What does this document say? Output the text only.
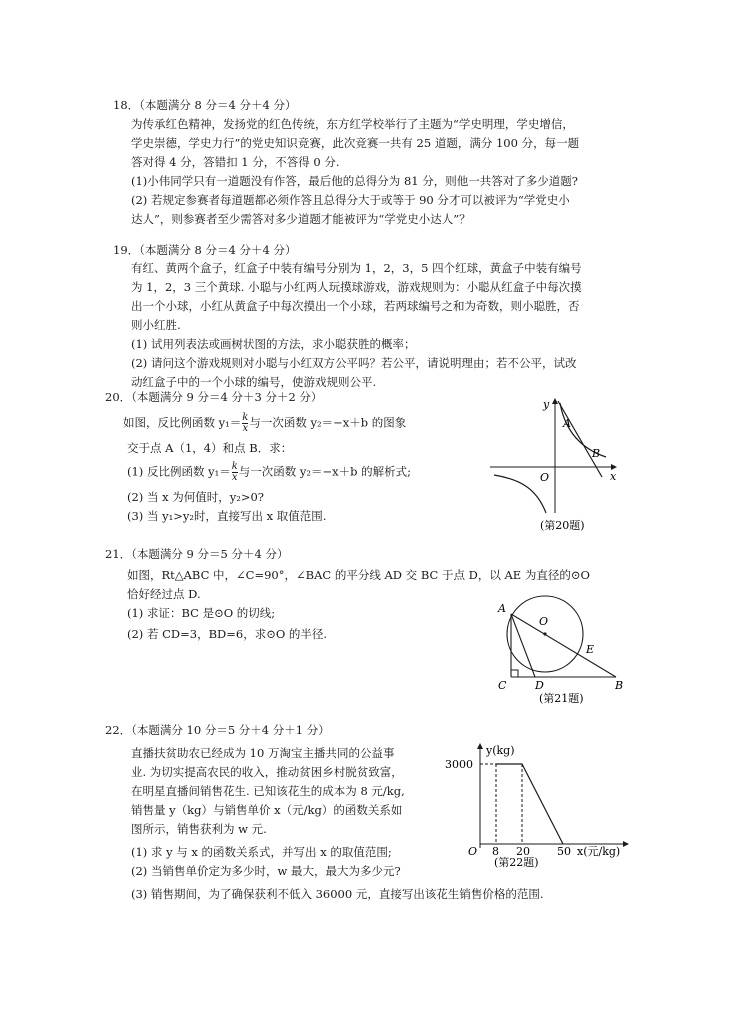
18．（本题满分 8 分＝4 分＋4 分）
为传承红色精神，发扬党的红色传统，东方红学校举行了主题为“学史明理，学史增信，
学史崇德，学史力行”的党史知识竞赛，此次竞赛一共有 25 道题，满分 100 分，每一题
答对得 4 分，答错扣 1 分，不答得 0 分.
(1)小伟同学只有一道题没有作答，最后他的总得分为 81 分，则他一共答对了多少道题?
(2) 若规定参赛者每道题都必须作答且总得分大于或等于 90 分才可以被评为“学党史小
达人”，则参赛者至少需答对多少道题才能被评为“学党史小达人”？
19．（本题满分 8 分＝4 分＋4 分）
有红、黄两个盒子，红盒子中装有编号分别为 1，2，3，5 四个红球，黄盒子中装有编号
为 1，2，3 三个黄球. 小聪与小红两人玩摸球游戏，游戏规则为：小聪从红盒子中每次摸
出一个小球，小红从黄盒子中每次摸出一个小球，若两球编号之和为奇数，则小聪胜，否
则小红胜.
(1) 试用列表法或画树状图的方法，求小聪获胜的概率；
(2) 请问这个游戏规则对小聪与小红双方公平吗？若公平，请说明理由；若不公平，试改
动红盒子中的一个小球的编号，使游戏规则公平.
20．（本题满分 9 分＝4 分＋3 分＋2 分）
如图，反比例函数 $y_1= \frac{k}{x}$ 与一次函数 y₂＝−x＋b 的图象
交于点 A（1，4）和点 B．求：
(1) 反比例函数 $y_1= \frac{k}{x}$ 与一次函数 y₂＝−x＋b 的解析式;
(2) 当 x 为何值时，y₂>0?
(3) 当 y₁>y₂时，直接写出 x 取值范围.
y
x
O
A
B
(第20题)
21．（本题满分 9 分＝5 分＋4 分）
如图，Rt△ABC 中，∠C=90°，∠BAC 的平分线 AD 交 BC 于点 D，以 AE 为直径的⊙O
恰好经过点 D.
(1) 求证：BC 是⊙O 的切线;
(2) 若 CD=3，BD=6，求⊙O 的半径.
A
O
E
C	D	B
(第21题)
22．（本题满分 10 分＝5 分＋4 分＋1 分）
直播扶贫助农已经成为 10 万淘宝主播共同的公益事
业. 为切实提高农民的收入，推动贫困乡村脱贫致富，
在明星直播间销售花生. 已知该花生的成本为 8 元/kg,
销售量 y（kg）与销售单价 x（元/kg）的函数关系如
图所示，销售获利为 w 元.
(1) 求 y 与 x 的函数关系式，并写出 x 的取值范围;
(2) 当销售单价定为多少时，w 最大，最大为多少元?
(3) 销售期间，为了确保获利不低入 36000 元，直接写出该花生销售价格的范围.
y(kg)
3000
O 8 20 50 x(元/kg)
(第22题)
